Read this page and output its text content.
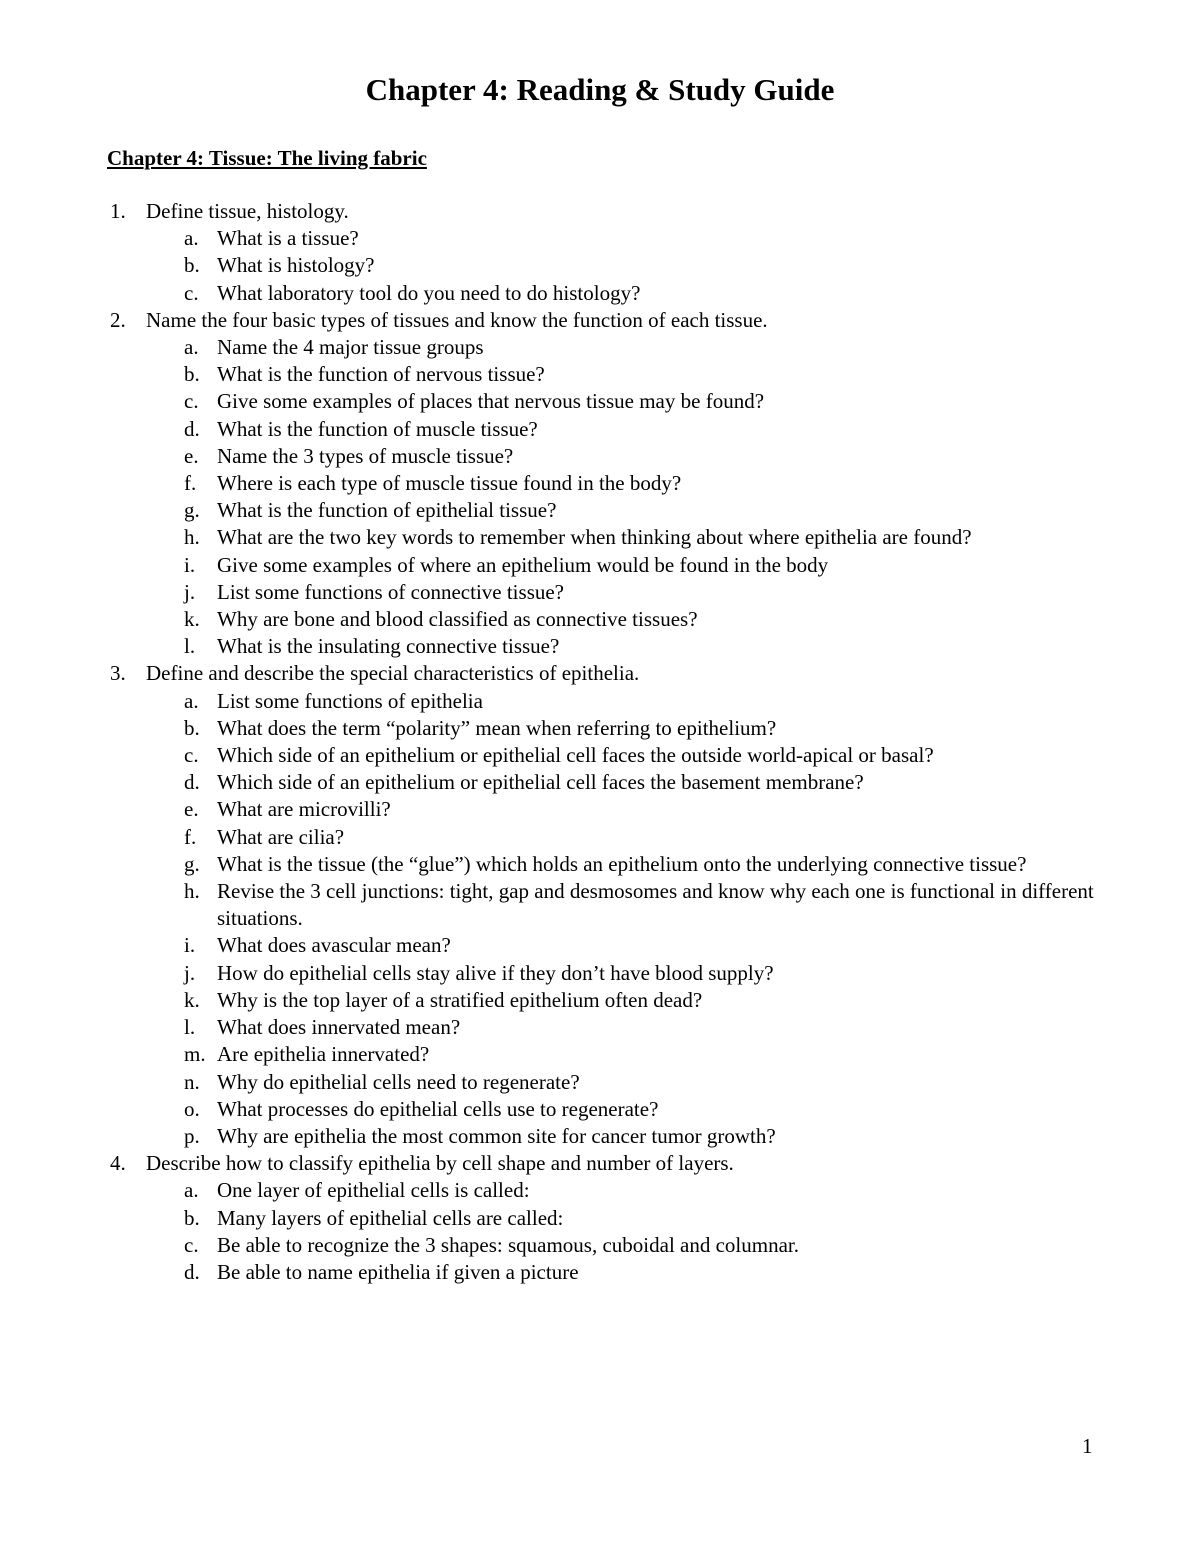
Chapter 4: Reading & Study Guide
Chapter 4: Tissue: The living fabric
1. Define tissue, histology.
a. What is a tissue?
b. What is histology?
c. What laboratory tool do you need to do histology?
2. Name the four basic types of tissues and know the function of each tissue.
a. Name the 4 major tissue groups
b. What is the function of nervous tissue?
c. Give some examples of places that nervous tissue may be found?
d. What is the function of muscle tissue?
e. Name the 3 types of muscle tissue?
f. Where is each type of muscle tissue found in the body?
g. What is the function of epithelial tissue?
h. What are the two key words to remember when thinking about where epithelia are found?
i. Give some examples of where an epithelium would be found in the body
j. List some functions of connective tissue?
k. Why are bone and blood classified as connective tissues?
l. What is the insulating connective tissue?
3. Define and describe the special characteristics of epithelia.
a. List some functions of epithelia
b. What does the term “polarity” mean when referring to epithelium?
c. Which side of an epithelium or epithelial cell faces the outside world-apical or basal?
d. Which side of an epithelium or epithelial cell faces the basement membrane?
e. What are microvilli?
f. What are cilia?
g. What is the tissue (the “glue”) which holds an epithelium onto the underlying connective tissue?
h. Revise the 3 cell junctions: tight, gap and desmosomes and know why each one is functional in different situations.
i. What does avascular mean?
j. How do epithelial cells stay alive if they don’t have blood supply?
k. Why is the top layer of a stratified epithelium often dead?
l. What does innervated mean?
m. Are epithelia innervated?
n. Why do epithelial cells need to regenerate?
o. What processes do epithelial cells use to regenerate?
p. Why are epithelia the most common site for cancer tumor growth?
4. Describe how to classify epithelia by cell shape and number of layers.
a. One layer of epithelial cells is called:
b. Many layers of epithelial cells are called:
c. Be able to recognize the 3 shapes: squamous, cuboidal and columnar.
d. Be able to name epithelia if given a picture
1
